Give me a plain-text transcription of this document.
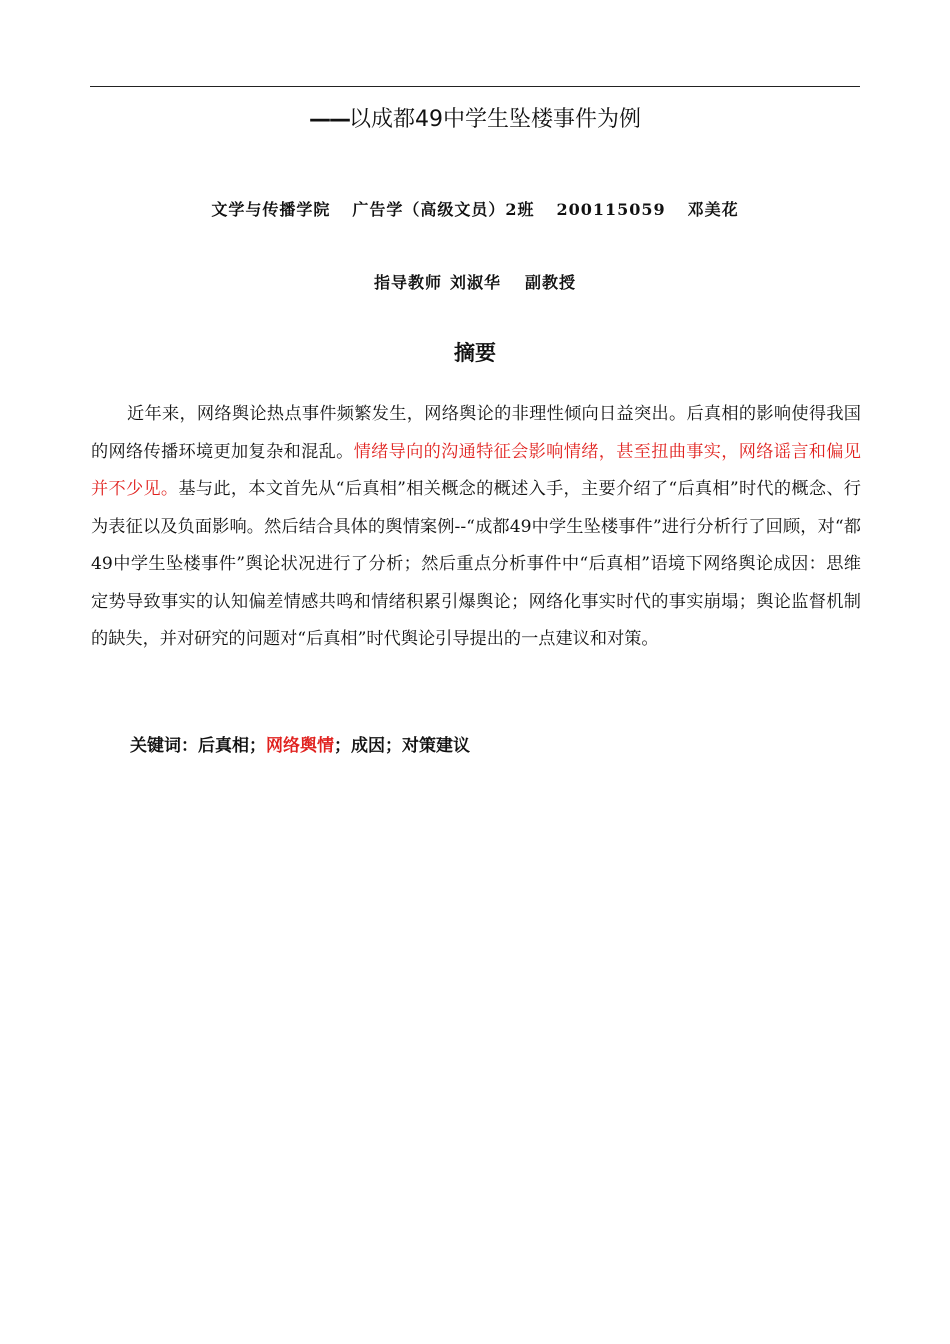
——以成都49中学生坠楼事件为例
文学与传播学院 广告学（高级文员）2班 200115059 邓美花
指导教师 刘淑华 副教授
摘要

近年来，网络舆论热点事件频繁发生，网络舆论的非理性倾向日益突出。后真相的影响使得我国的网络传播环境更加复杂和混乱。情绪导向的沟通特征会影响情绪，甚至扭曲事实，网络谣言和偏见并不少见。基与此，本文首先从“后真相”相关概念的概述入手，主要介绍了“后真相”时代的概念、行为表征以及负面影响。然后结合具体的舆情案例--“成都49中学生坠楼事件”进行分析行了回顾，对“都49中学生坠楼事件”舆论状况进行了分析；然后重点分析事件中“后真相”语境下网络舆论成因：思维定势导致事实的认知偏差情感共鸣和情绪积累引爆舆论；网络化事实时代的事实崩塌；舆论监督机制的缺失，并对研究的问题对“后真相”时代舆论引导提出的一点建议和对策。

关键词：后真相；网络舆情；成因；对策建议
